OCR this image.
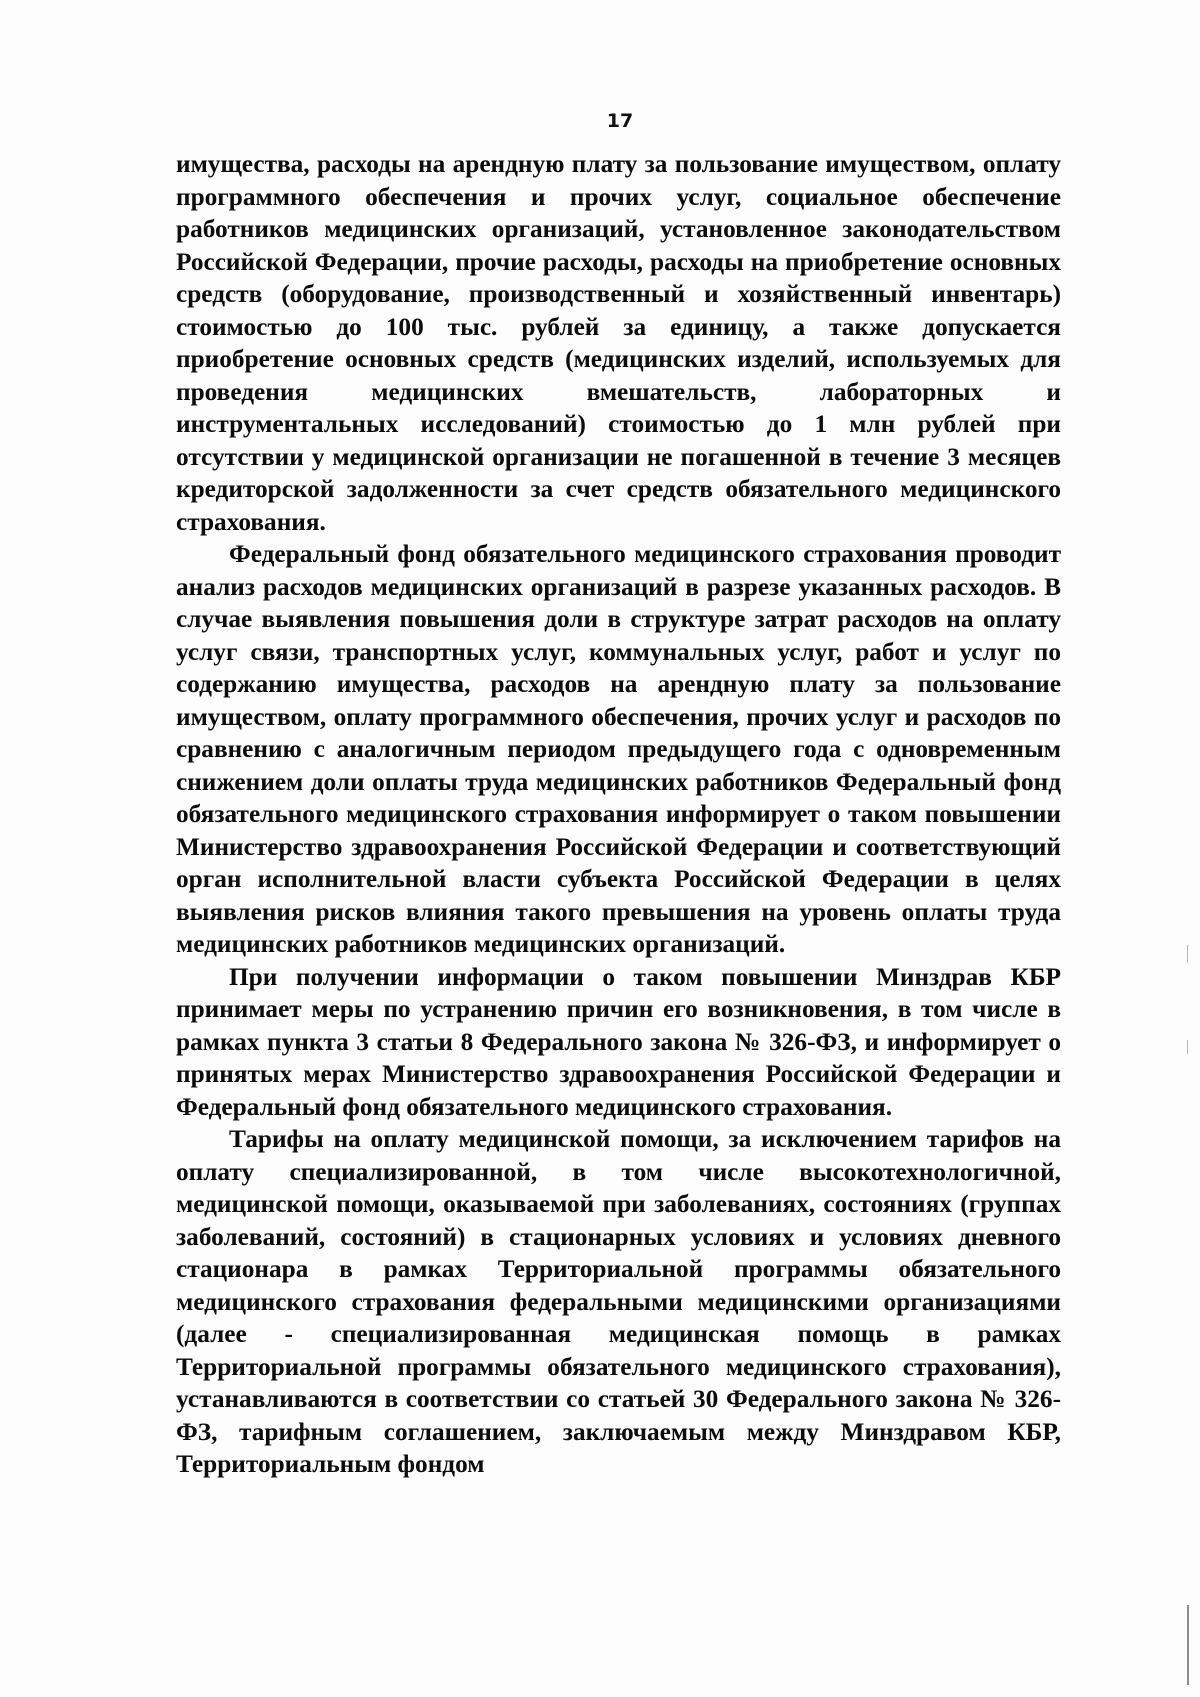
17

имущества, расходы на арендную плату за пользование имуществом, оплату программного обеспечения и прочих услуг, социальное обеспечение работников медицинских организаций, установленное законодательством Российской Федерации, прочие расходы, расходы на приобретение основных средств (оборудование, производственный и хозяйственный инвентарь) стоимостью до 100 тыс. рублей за единицу, а также допускается приобретение основных средств (медицинских изделий, используемых для проведения медицинских вмешательств, лабораторных и инструментальных исследований) стоимостью до 1 млн рублей при отсутствии у медицинской организации не погашенной в течение 3 месяцев кредиторской задолженности за счет средств обязательного медицинского страхования.

Федеральный фонд обязательного медицинского страхования проводит анализ расходов медицинских организаций в разрезе указанных расходов. В случае выявления повышения доли в структуре затрат расходов на оплату услуг связи, транспортных услуг, коммунальных услуг, работ и услуг по содержанию имущества, расходов на арендную плату за пользование имуществом, оплату программного обеспечения, прочих услуг и расходов по сравнению с аналогичным периодом предыдущего года с одновременным снижением доли оплаты труда медицинских работников Федеральный фонд обязательного медицинского страхования информирует о таком повышении Министерство здравоохранения Российской Федерации и соответствующий орган исполнительной власти субъекта Российской Федерации в целях выявления рисков влияния такого превышения на уровень оплаты труда медицинских работников медицинских организаций.

При получении информации о таком повышении Минздрав КБР принимает меры по устранению причин его возникновения, в том числе в рамках пункта 3 статьи 8 Федерального закона № 326-ФЗ, и информирует о принятых мерах Министерство здравоохранения Российской Федерации и Федеральный фонд обязательного медицинского страхования.

Тарифы на оплату медицинской помощи, за исключением тарифов на оплату специализированной, в том числе высокотехнологичной, медицинской помощи, оказываемой при заболеваниях, состояниях (группах заболеваний, состояний) в стационарных условиях и условиях дневного стационара в рамках Территориальной программы обязательного медицинского страхования федеральными медицинскими организациями (далее - специализированная медицинская помощь в рамках Территориальной программы обязательного медицинского страхования), устанавливаются в соответствии со статьей 30 Федерального закона № 326-ФЗ, тарифным соглашением, заключаемым между Минздравом КБР, Территориальным фондом
